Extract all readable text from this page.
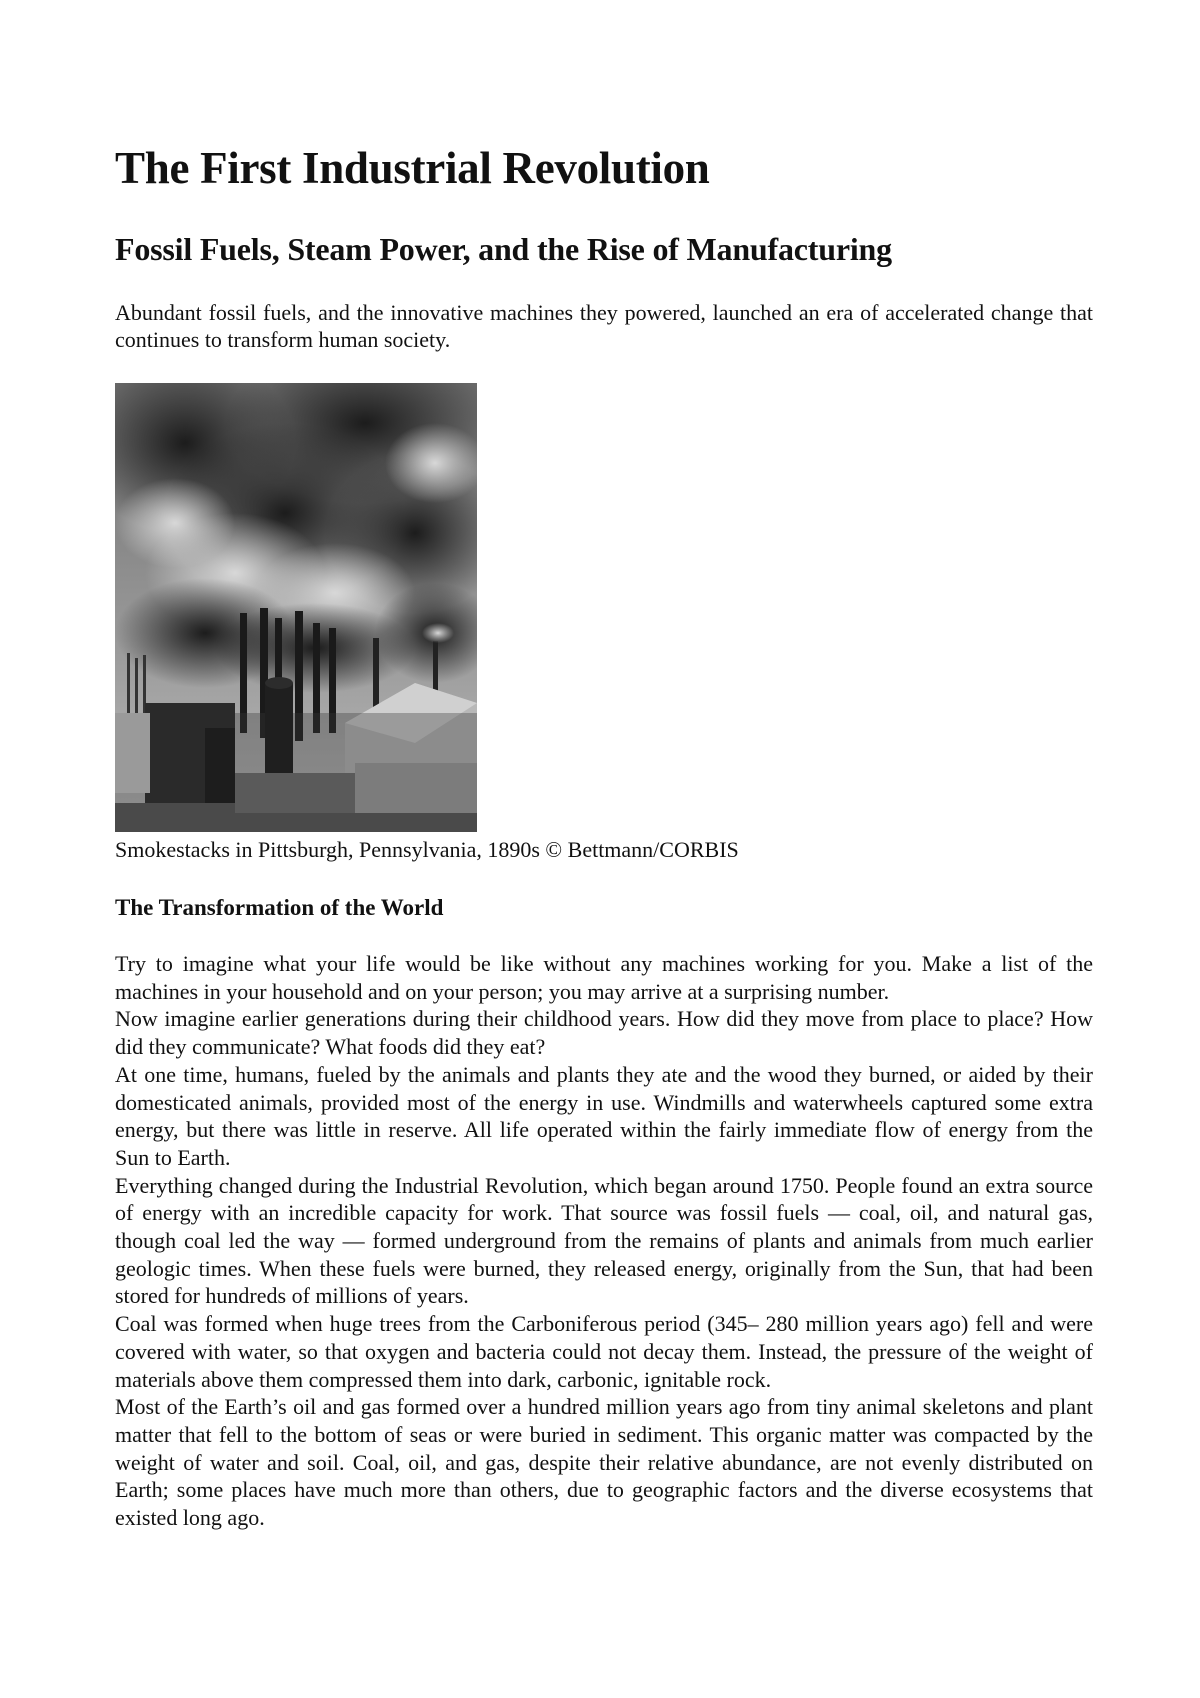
The First Industrial Revolution
Fossil Fuels, Steam Power, and the Rise of Manufacturing

Abundant fossil fuels, and the innovative machines they powered, launched an era of accelerated change that continues to transform human society.

Smokestacks in Pittsburgh, Pennsylvania, 1890s © Bettmann/CORBIS

The Transformation of the World

Try to imagine what your life would be like without any machines working for you. Make a list of the machines in your household and on your person; you may arrive at a surprising number.

Now imagine earlier generations during their childhood years. How did they move from place to place? How did they communicate? What foods did they eat?

At one time, humans, fueled by the animals and plants they ate and the wood they burned, or aided by their domesticated animals, provided most of the energy in use. Windmills and waterwheels captured some extra energy, but there was little in reserve. All life operated within the fairly immediate flow of energy from the Sun to Earth.

Everything changed during the Industrial Revolution, which began around 1750. People found an extra source of energy with an incredible capacity for work. That source was fossil fuels — coal, oil, and natural gas, though coal led the way — formed underground from the remains of plants and animals from much earlier geologic times. When these fuels were burned, they released energy, originally from the Sun, that had been stored for hundreds of millions of years.

Coal was formed when huge trees from the Carboniferous period (345– 280 million years ago) fell and were covered with water, so that oxygen and bacteria could not decay them. Instead, the pressure of the weight of materials above them compressed them into dark, carbonic, ignitable rock.

Most of the Earth’s oil and gas formed over a hundred million years ago from tiny animal skeletons and plant matter that fell to the bottom of seas or were buried in sediment. This organic matter was compacted by the weight of water and soil. Coal, oil, and gas, despite their relative abundance, are not evenly distributed on Earth; some places have much more than others, due to geographic factors and the diverse ecosystems that existed long ago.
